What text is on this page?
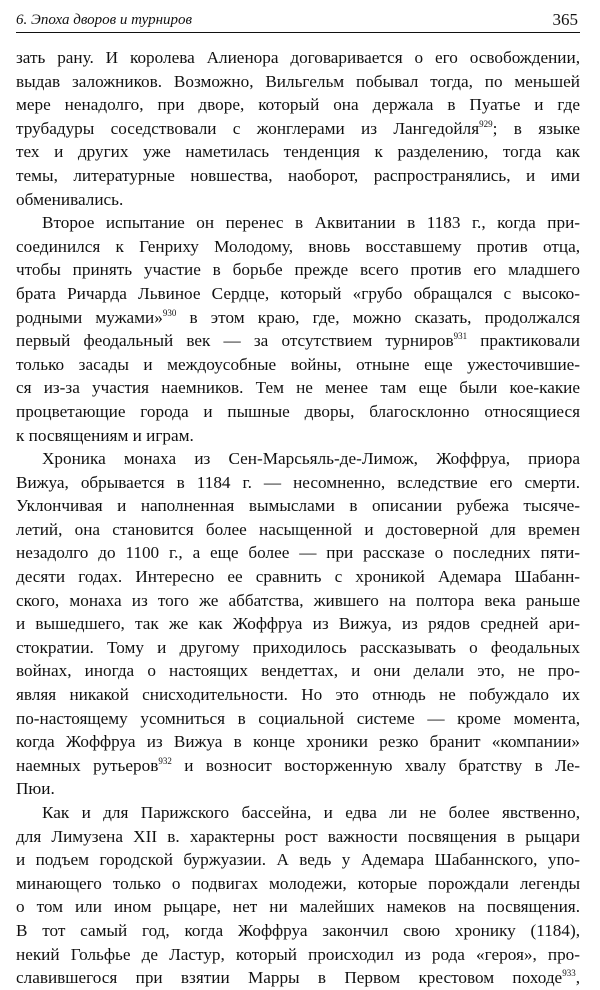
6. Эпоха дворов и турниров	365

зать рану. И королева Алиенора договаривается о его освобождении,
выдав заложников. Возможно, Вильгельм побывал тогда, по меньшей
мере ненадолго, при дворе, который она держала в Пуатье и где
трубадуры соседствовали с жонглерами из Лангедойля$^{929}$; в языке
тех и других уже наметилась тенденция к разделению, тогда как
темы, литературные новшества, наоборот, распространялись, и ими
обменивались.

Второе испытание он перенес в Аквитании в 1183 г., когда при-
соединился к Генриху Молодому, вновь восставшему против отца,
чтобы принять участие в борьбе прежде всего против его младшего
брата Ричарда Львиное Сердце, который «грубо обращался с высоко-
родными мужами»$^{930}$ в этом краю, где, можно сказать, продолжался
первый феодальный век — за отсутствием турниров$^{931}$ практиковали
только засады и междоусобные войны, отныне еще ужесточившие-
ся из-за участия наемников. Тем не менее там еще были кое-какие
процветающие города и пышные дворы, благосклонно относящиеся
к посвящениям и играм.

Хроника монаха из Сен-Марсьяль-де-Лимож, Жоффруа, приора
Вижуа, обрывается в 1184 г. — несомненно, вследствие его смерти.
Уклончивая и наполненная вымыслами в описании рубежа тысяче-
летий, она становится более насыщенной и достоверной для времен
незадолго до 1100 г., а еще более — при рассказе о последних пяти-
десяти годах. Интересно ее сравнить с хроникой Адемара Шабанн-
ского, монаха из того же аббатства, жившего на полтора века раньше
и вышедшего, так же как Жоффруа из Вижуа, из рядов средней ари-
стократии. Тому и другому приходилось рассказывать о феодальных
войнах, иногда о настоящих вендеттах, и они делали это, не про-
являя никакой снисходительности. Но это отнюдь не побуждало их
по-настоящему усомниться в социальной системе — кроме момента,
когда Жоффруа из Вижуа в конце хроники резко бранит «компании»
наемных рутьеров$^{932}$ и возносит восторженную хвалу братству в Ле-
Пюи.

Как и для Парижского бассейна, и едва ли не более явственно,
для Лимузена XII в. характерны рост важности посвящения в рыцари
и подъем городской буржуазии. А ведь у Адемара Шабаннского, упо-
минающего только о подвигах молодежи, которые порождали легенды
о том или ином рыцаре, нет ни малейших намеков на посвящения.
В тот самый год, когда Жоффруа закончил свою хронику (1184),
некий Гольфье де Ластур, который происходил из рода «героя», про-
славившегося при взятии Марры в Первом крестовом походе$^{933}$,
